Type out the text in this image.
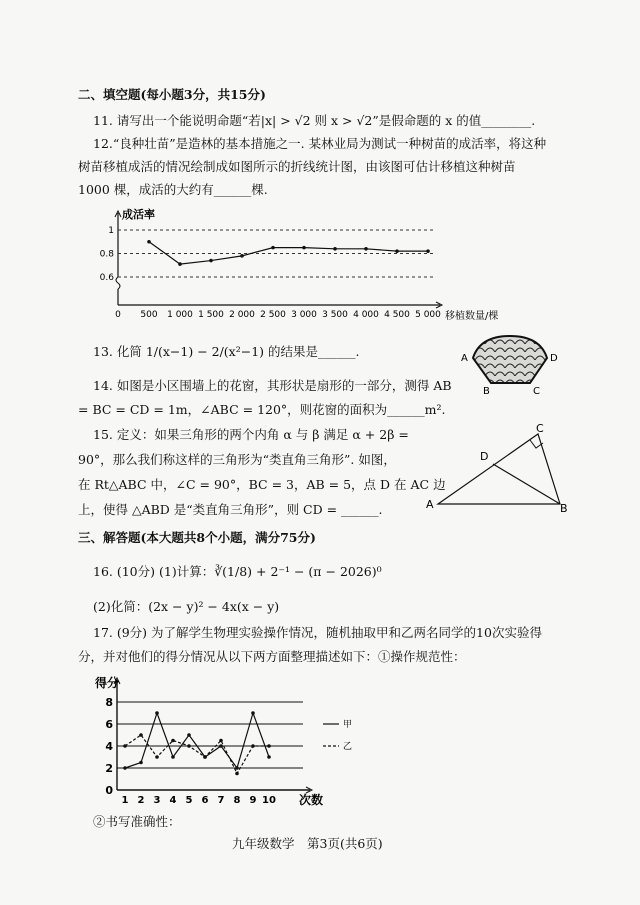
二、填空题(每小题3分，共15分)
11. 请写出一个能说明命题“若|x| > √2 则 x > √2”是假命题的 x 的值________.
12.“良种壮苗”是造林的基本措施之一. 某林业局为测试一种树苗的成活率，将这种
树苗移植成活的情况绘制成如图所示的折线统计图，由该图可估计移植这种树苗
1000 棵，成活的大约有______棵.
成活率
0.6
0.8
1
0 500 1 000 1 500 2 000 2 500 3 000 3 500 4 000 4 500 5 000 移植数量/棵
13. 化简 1/(x−1) − 2/(x²−1) 的结果是______.	A	D
B	C
14. 如图是小区围墙上的花窗，其形状是扇形的一部分，测得 AB
= BC = CD = 1m，∠ABC = 120°，则花窗的面积为______m².
15. 定义：如果三角形的两个内角 α 与 β 满足 α + 2β =
90°，那么我们称这样的三角形为“类直角三角形”. 如图，
在 Rt△ABC 中，∠C = 90°，BC = 3，AB = 5，点 D 在 AC 边
上，使得 △ABD 是“类直角三角形”，则 CD = ______.	A	B
C
D
三、解答题(本大题共8个小题，满分75分)
16. (10分) (1)计算：∛(1/8) + 2⁻¹ − (π − 2026)⁰
(2)化简：(2x − y)² − 4x(x − y)
17. (9分) 为了解学生物理实验操作情况，随机抽取甲和乙两名同学的10次实验得
分，并对他们的得分情况从以下两方面整理描述如下：①操作规范性：
得分
0
2
4
6
8
1 2 3 4 5 6 7 8 9 10 次数
甲
乙
②书写准确性：
九年级数学　第3页(共6页)
